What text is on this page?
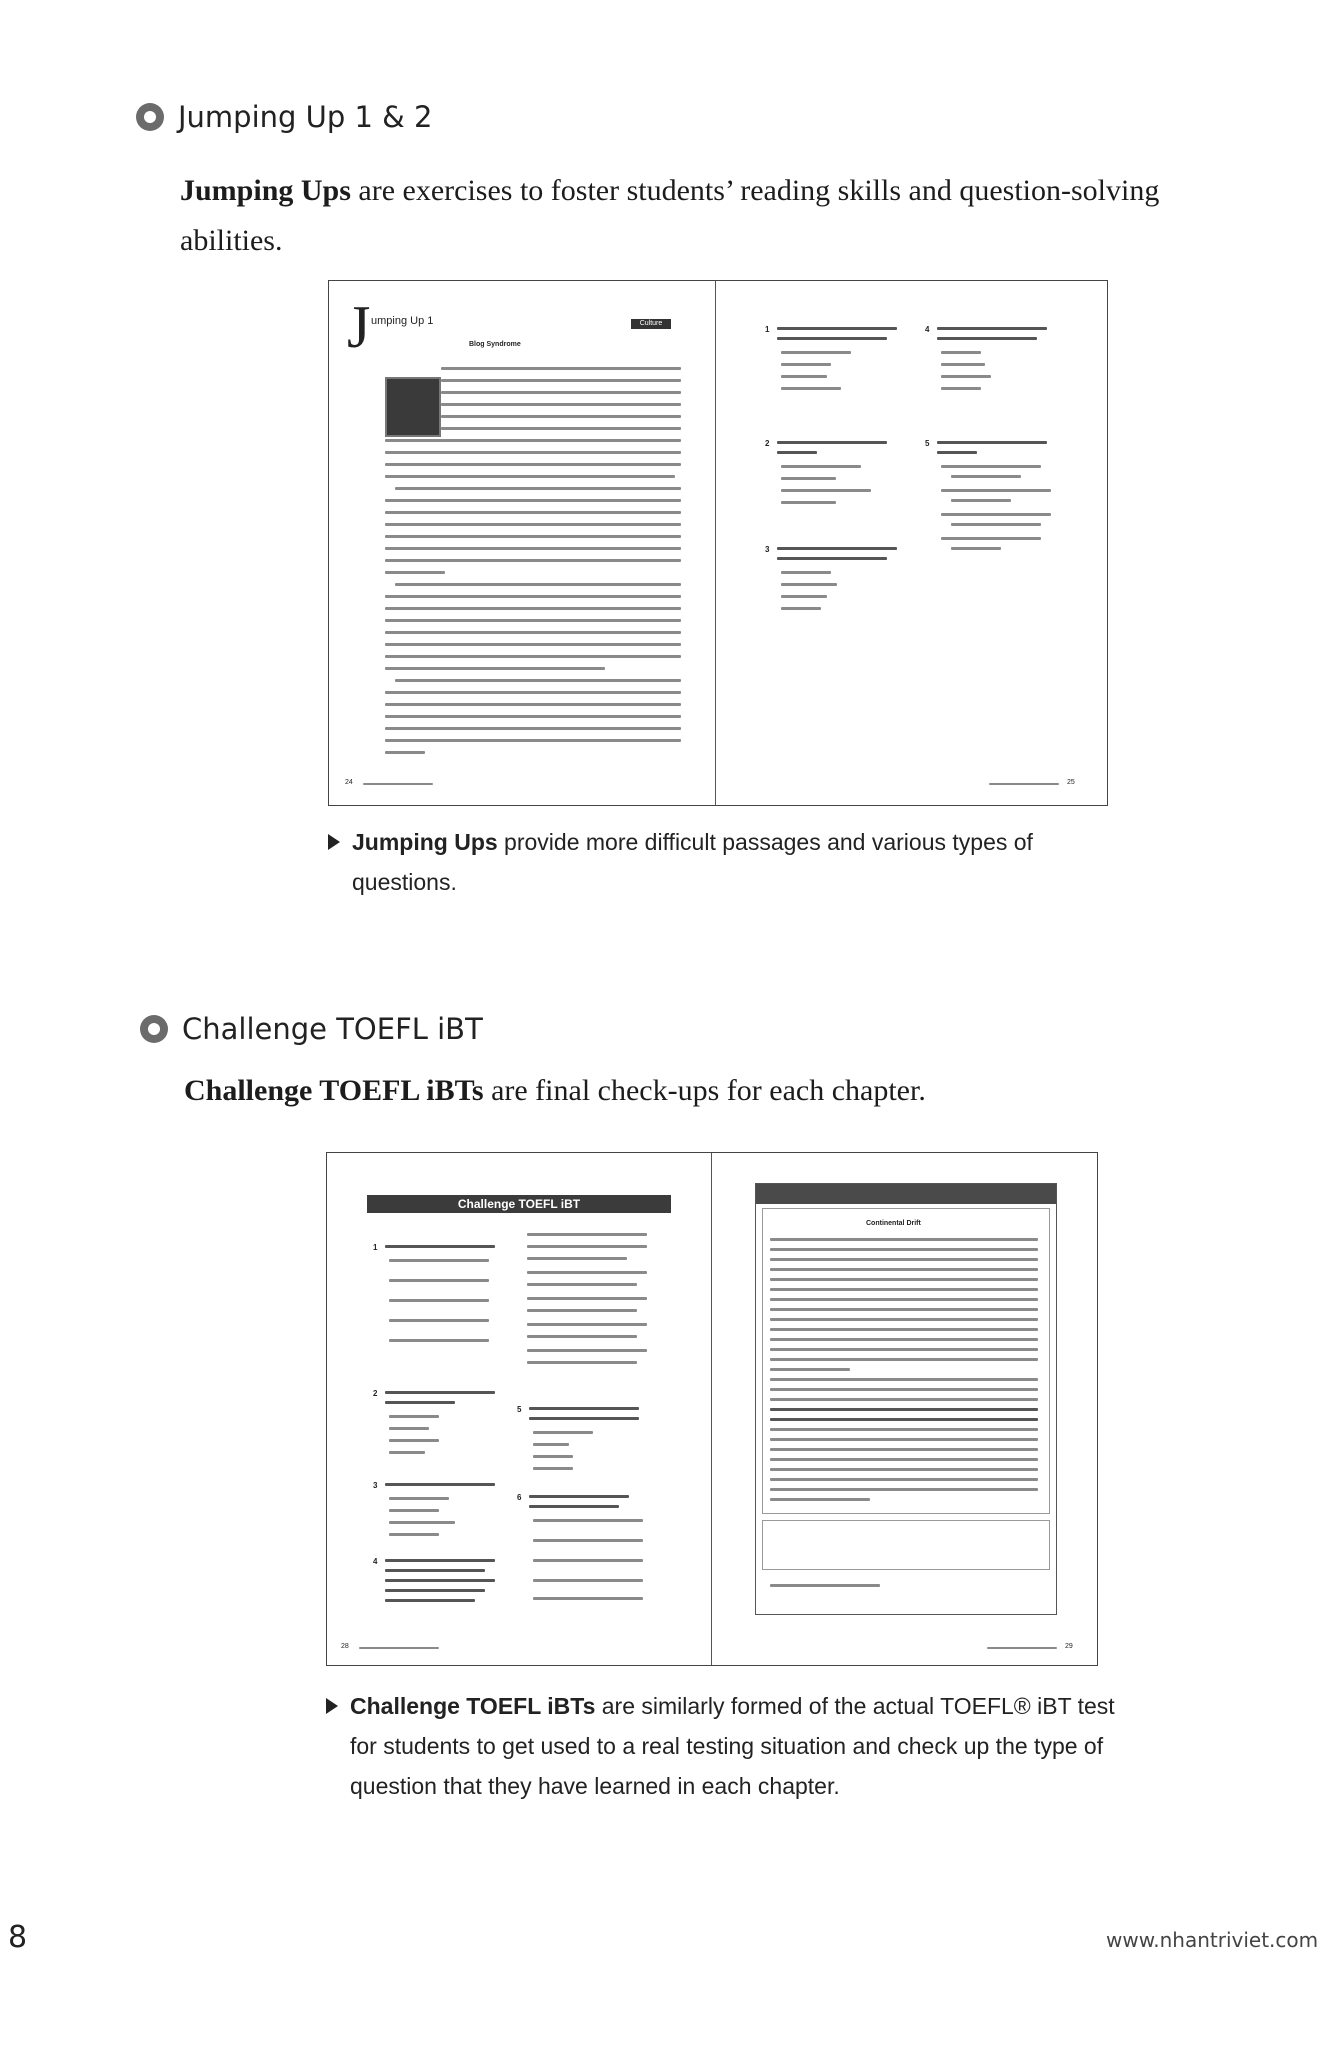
Jumping Up 1 & 2
Jumping Ups are exercises to foster students’ reading skills and question-solving abilities.
J umping Up 1	Culture
Blog Syndrome
24
1
2
3
4
5
25
Jumping Ups provide more difficult passages and various types of questions.
Challenge TOEFL iBT
Challenge TOEFL iBTs are final check-ups for each chapter.
Challenge TOEFL iBT
1
2
3
4
5
6
28
Continental Drift
29
Challenge TOEFL iBTs are similarly formed of the actual TOEFL® iBT test for students to get used to a real testing situation and check up the type of question that they have learned in each chapter.
8	www.nhantriviet.com
